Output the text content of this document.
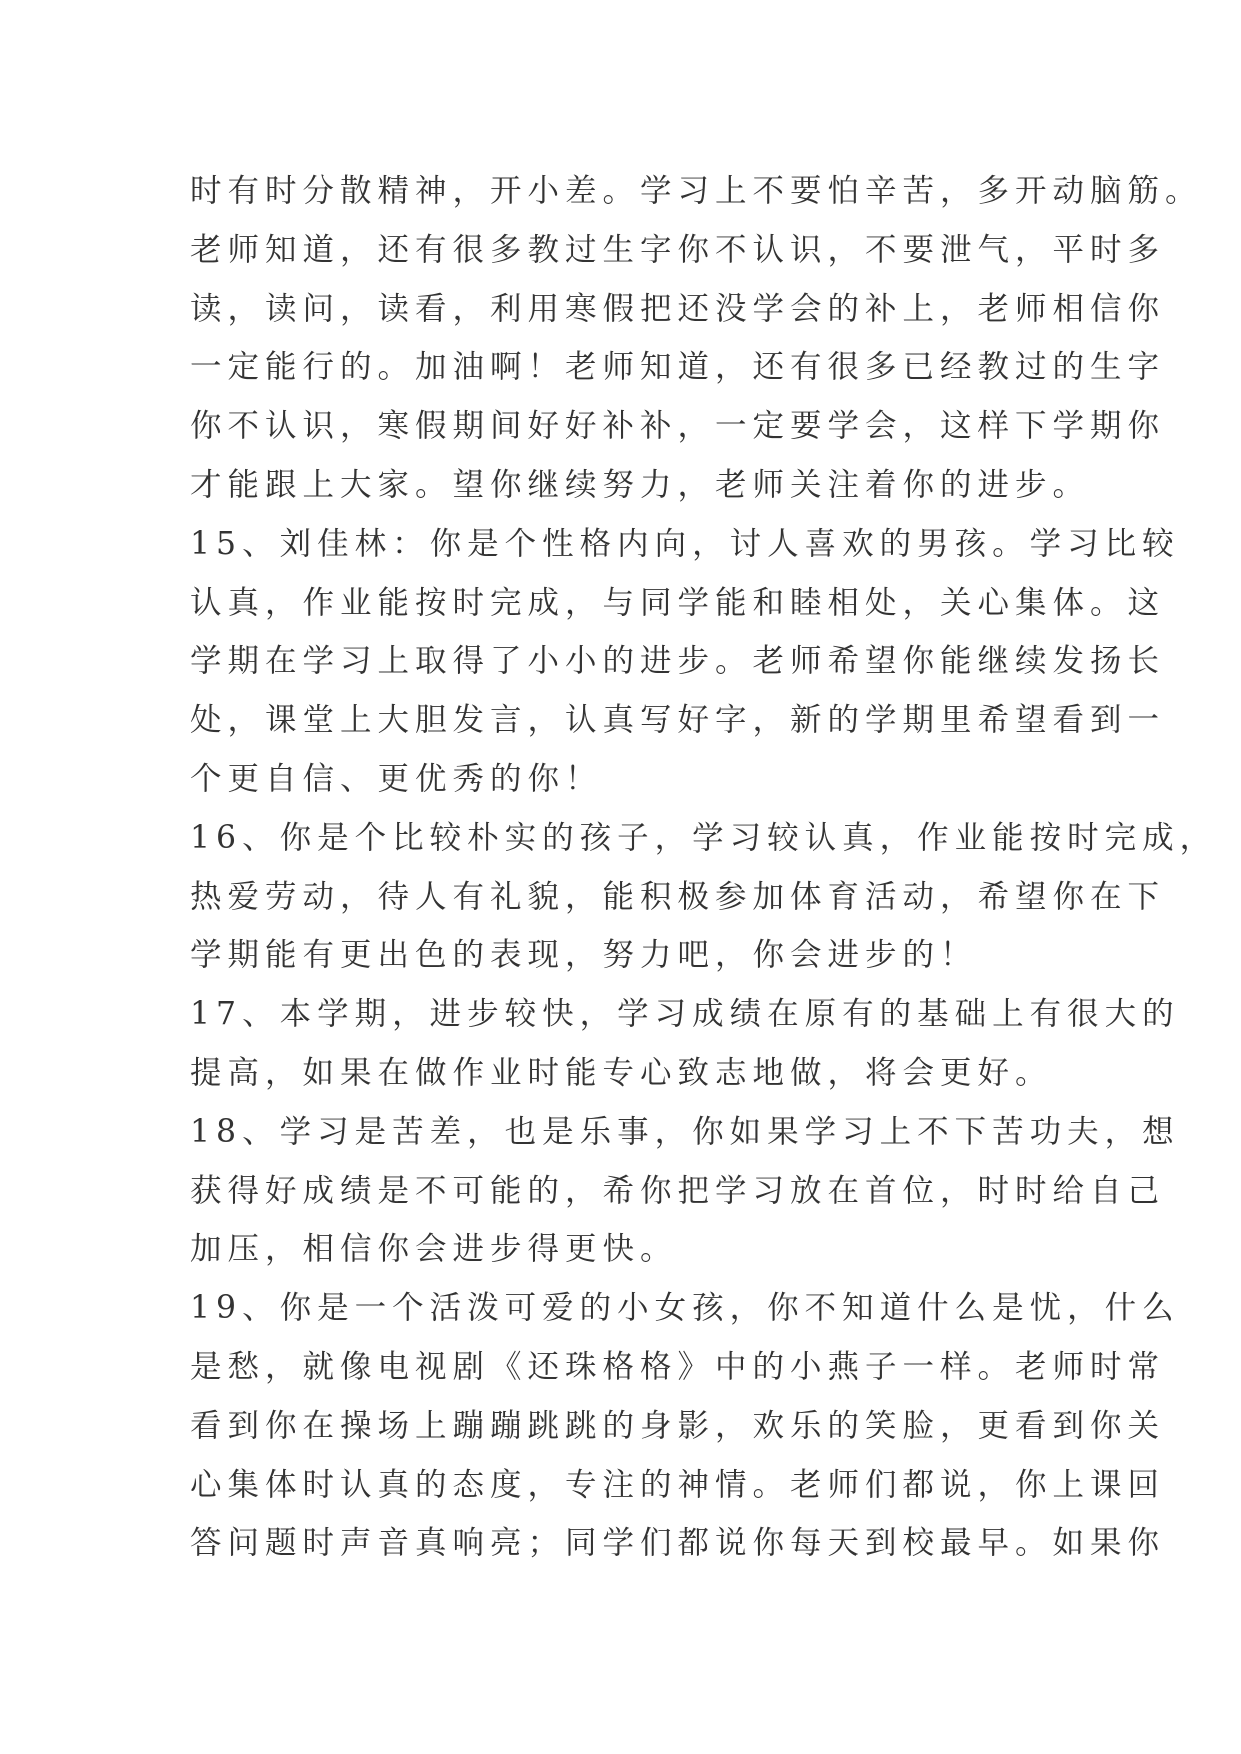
时有时分散精神，开小差。学习上不要怕辛苦，多开动脑筋。
老师知道，还有很多教过生字你不认识，不要泄气，平时多
读，读问，读看，利用寒假把还没学会的补上，老师相信你
一定能行的。加油啊！老师知道，还有很多已经教过的生字
你不认识，寒假期间好好补补，一定要学会，这样下学期你
才能跟上大家。望你继续努力，老师关注着你的进步。
15、刘佳林：你是个性格内向，讨人喜欢的男孩。学习比较
认真，作业能按时完成，与同学能和睦相处，关心集体。这
学期在学习上取得了小小的进步。老师希望你能继续发扬长
处，课堂上大胆发言，认真写好字，新的学期里希望看到一
个更自信、更优秀的你！
16、你是个比较朴实的孩子，学习较认真，作业能按时完成，
热爱劳动，待人有礼貌，能积极参加体育活动，希望你在下
学期能有更出色的表现，努力吧，你会进步的！
17、本学期，进步较快，学习成绩在原有的基础上有很大的
提高，如果在做作业时能专心致志地做，将会更好。
18、学习是苦差，也是乐事，你如果学习上不下苦功夫，想
获得好成绩是不可能的，希你把学习放在首位，时时给自己
加压，相信你会进步得更快。
19、你是一个活泼可爱的小女孩，你不知道什么是忧，什么
是愁，就像电视剧《还珠格格》中的小燕子一样。老师时常
看到你在操场上蹦蹦跳跳的身影，欢乐的笑脸，更看到你关
心集体时认真的态度，专注的神情。老师们都说，你上课回
答问题时声音真响亮；同学们都说你每天到校最早。如果你
